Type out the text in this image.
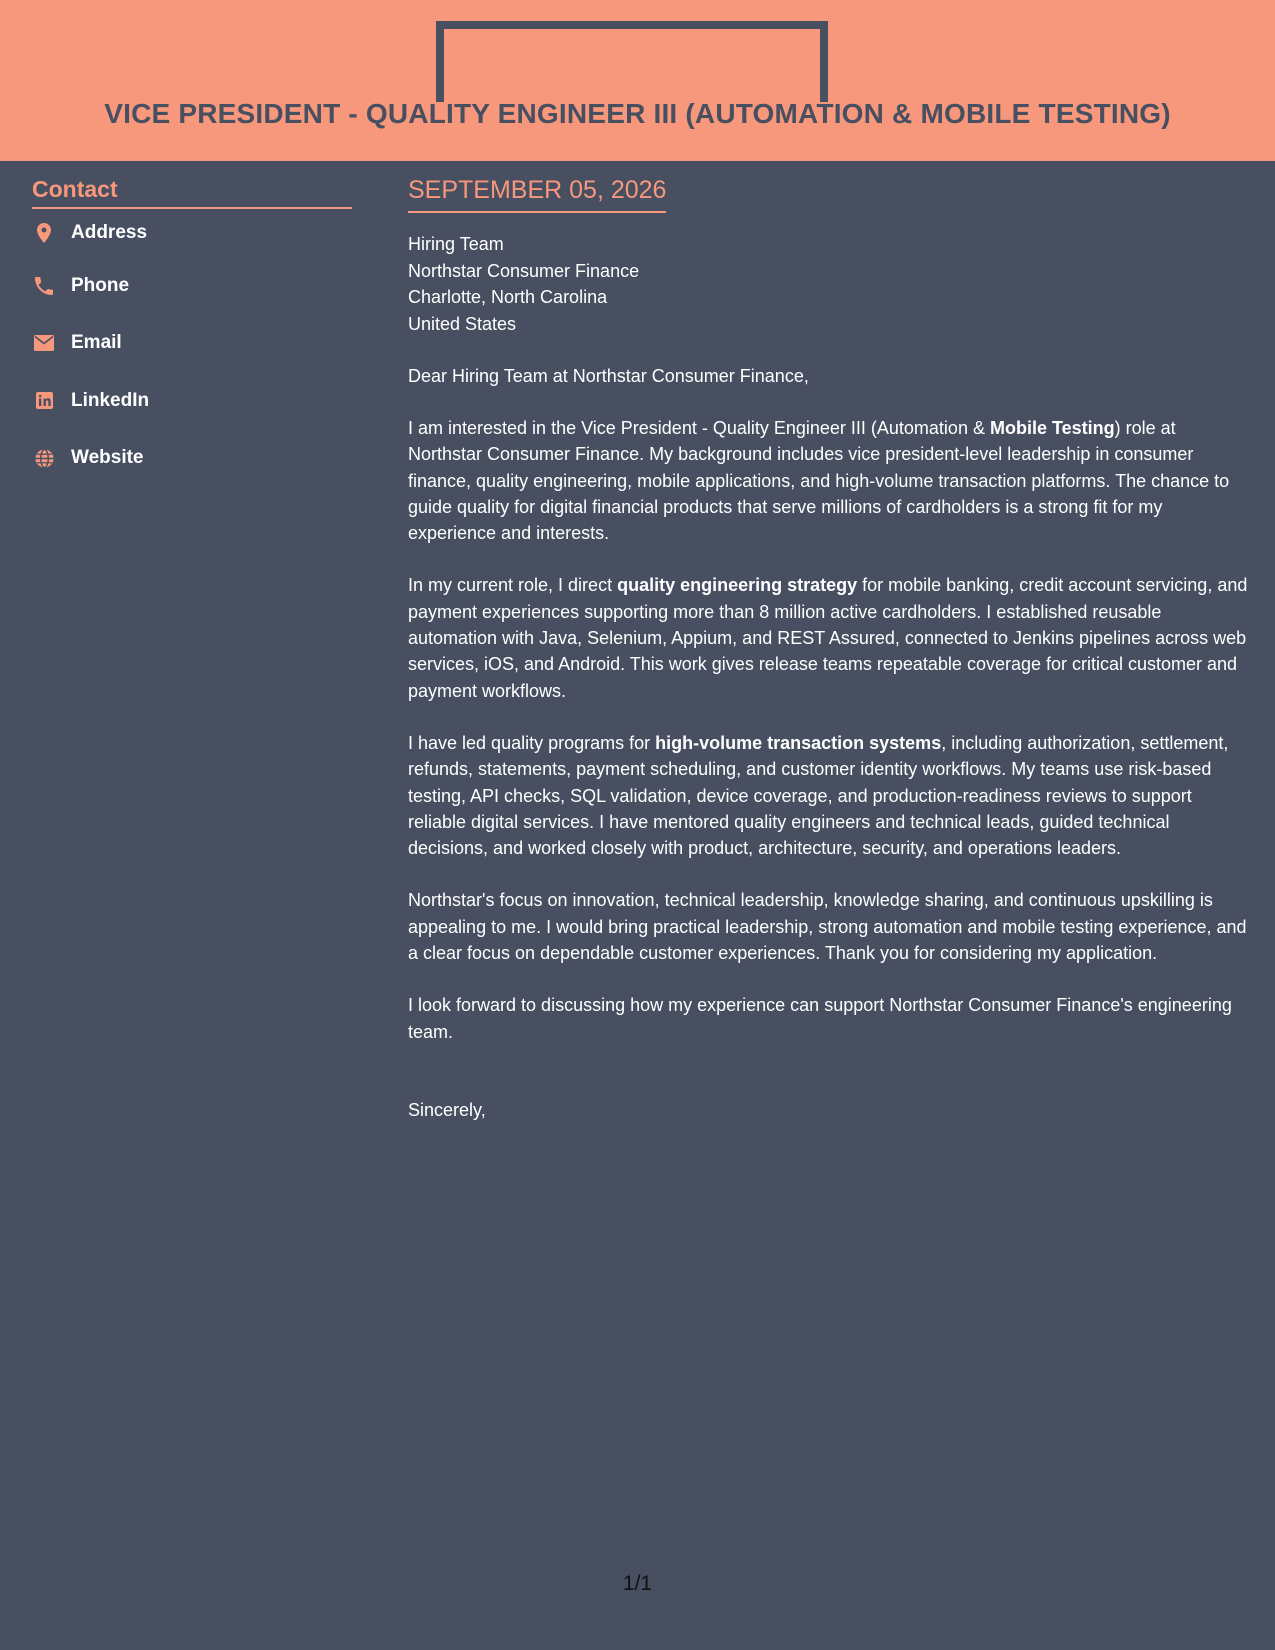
VICE PRESIDENT - QUALITY ENGINEER III (AUTOMATION & MOBILE TESTING)
Contact
Address
Phone
Email
LinkedIn
Website
SEPTEMBER 05, 2026
Hiring Team
Northstar Consumer Finance
Charlotte, North Carolina
United States
Dear Hiring Team at Northstar Consumer Finance,
I am interested in the Vice President - Quality Engineer III (Automation & Mobile Testing) role at Northstar Consumer Finance. My background includes vice president-level leadership in consumer finance, quality engineering, mobile applications, and high-volume transaction platforms. The chance to guide quality for digital financial products that serve millions of cardholders is a strong fit for my experience and interests.
In my current role, I direct quality engineering strategy for mobile banking, credit account servicing, and payment experiences supporting more than 8 million active cardholders. I established reusable automation with Java, Selenium, Appium, and REST Assured, connected to Jenkins pipelines across web services, iOS, and Android. This work gives release teams repeatable coverage for critical customer and payment workflows.
I have led quality programs for high-volume transaction systems, including authorization, settlement, refunds, statements, payment scheduling, and customer identity workflows. My teams use risk-based testing, API checks, SQL validation, device coverage, and production-readiness reviews to support reliable digital services. I have mentored quality engineers and technical leads, guided technical decisions, and worked closely with product, architecture, security, and operations leaders.
Northstar's focus on innovation, technical leadership, knowledge sharing, and continuous upskilling is appealing to me. I would bring practical leadership, strong automation and mobile testing experience, and a clear focus on dependable customer experiences. Thank you for considering my application.
I look forward to discussing how my experience can support Northstar Consumer Finance's engineering team.
Sincerely,
1/1
